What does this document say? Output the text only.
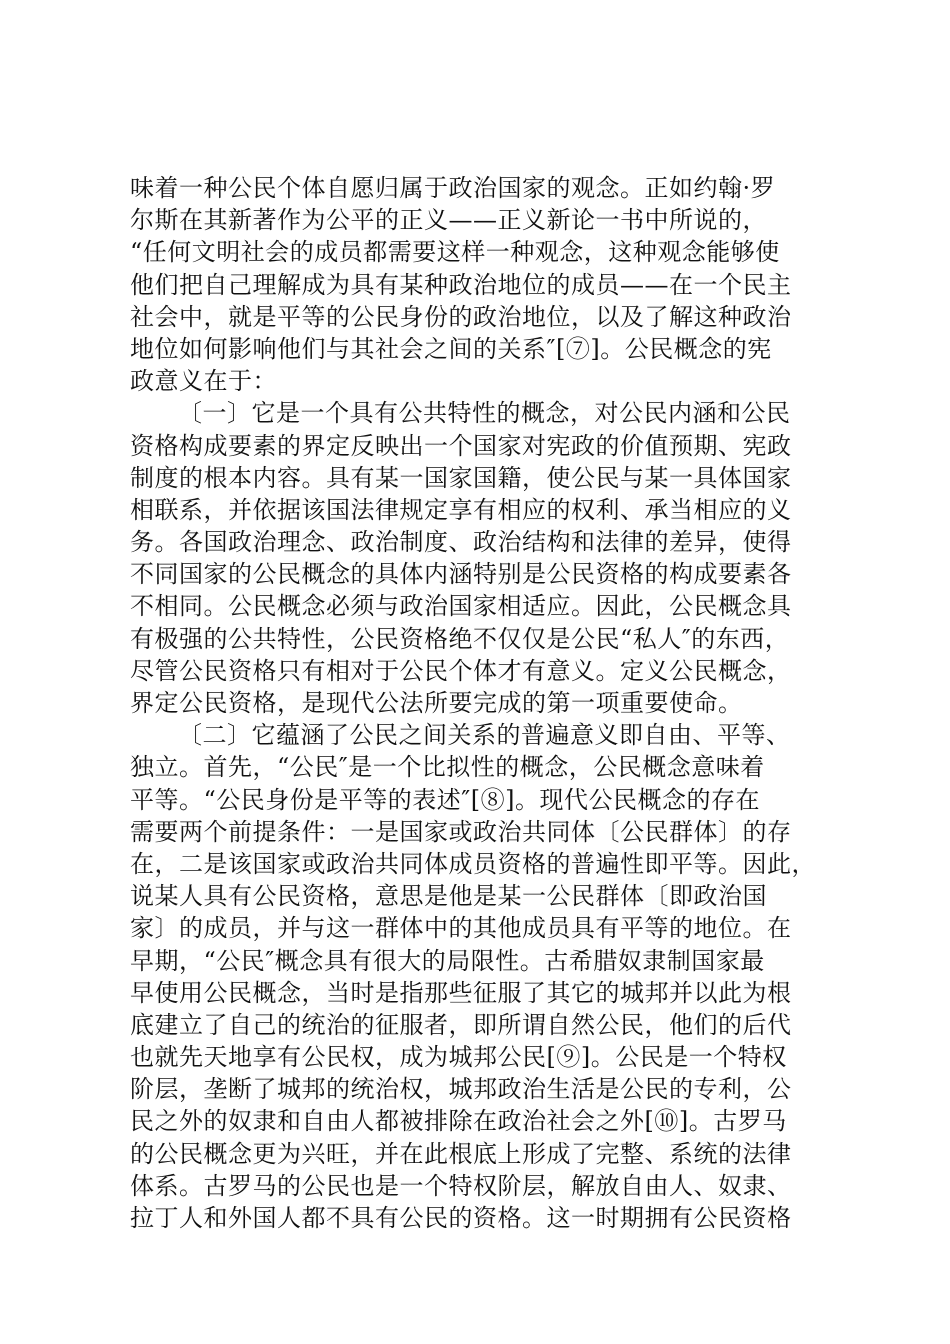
味着一种公民个体自愿归属于政治国家的观念。正如约翰·罗
尔斯在其新著作为公平的正义——正义新论一书中所说的，
“任何文明社会的成员都需要这样一种观念，这种观念能够使
他们把自己理解成为具有某种政治地位的成员——在一个民主
社会中，就是平等的公民身份的政治地位，以及了解这种政治
地位如何影响他们与其社会之间的关系″[⑦]。公民概念的宪
政意义在于：
〔一〕它是一个具有公共特性的概念，对公民内涵和公民
资格构成要素的界定反映出一个国家对宪政的价值预期、宪政
制度的根本内容。具有某一国家国籍，使公民与某一具体国家
相联系，并依据该国法律规定享有相应的权利、承当相应的义
务。各国政治理念、政治制度、政治结构和法律的差异，使得
不同国家的公民概念的具体内涵特别是公民资格的构成要素各
不相同。公民概念必须与政治国家相适应。因此，公民概念具
有极强的公共特性，公民资格绝不仅仅是公民“私人″的东西，
尽管公民资格只有相对于公民个体才有意义。定义公民概念，
界定公民资格，是现代公法所要完成的第一项重要使命。
〔二〕它蕴涵了公民之间关系的普遍意义即自由、平等、
独立。首先，“公民″是一个比拟性的概念，公民概念意味着
平等。“公民身份是平等的表述″[⑧]。现代公民概念的存在
需要两个前提条件：一是国家或政治共同体〔公民群体〕的存
在，二是该国家或政治共同体成员资格的普遍性即平等。因此，
说某人具有公民资格，意思是他是某一公民群体〔即政治国
家〕的成员，并与这一群体中的其他成员具有平等的地位。在
早期，“公民″概念具有很大的局限性。古希腊奴隶制国家最
早使用公民概念，当时是指那些征服了其它的城邦并以此为根
底建立了自己的统治的征服者，即所谓自然公民，他们的后代
也就先天地享有公民权，成为城邦公民[⑨]。公民是一个特权
阶层，垄断了城邦的统治权，城邦政治生活是公民的专利，公
民之外的奴隶和自由人都被排除在政治社会之外[⑩]。古罗马
的公民概念更为兴旺，并在此根底上形成了完整、系统的法律
体系。古罗马的公民也是一个特权阶层，解放自由人、奴隶、
拉丁人和外国人都不具有公民的资格。这一时期拥有公民资格
